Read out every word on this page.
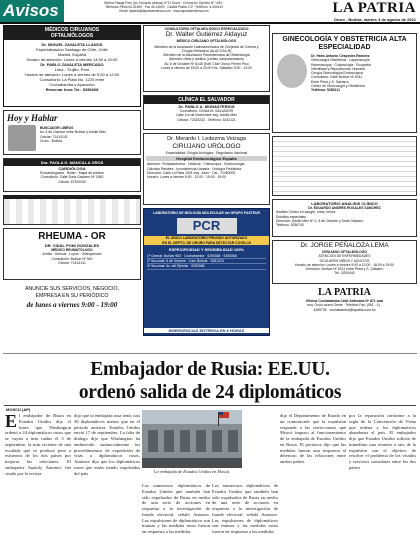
Avisos	Oficina Pasaje Perú (Av. Eduardo Abaroa) N°11 Sucre · Central Av. Ejército Nº 1491 ·
Teléfonos Piloto 64-51600 · Fax 46-14500 · Casilla Postal 172 · Teléfono: 4-444444
Email: lapatria@lapatriaenlinea.com · www.lapatriaenlinea.com	LA PATRIA
Oruro - Bolivia, martes 3 de agosto de 2021
MÉDICOS CIRUJANOS
OFTALMÓLOGOS
Dr. MIGUEL ZAVALETA LLANOS
Especialización Santiago de Chile, Chile
Madrid, España
Horario de atención: Lunes a viernes 14:30 a 20:00
Dr. PABLO ZAVALETA MERCADO
Lima - Trujillo, Perú
Horario de atención: Lunes a viernes de 9:00 a 12:00
Consultorio: La Plata No. 1220 entre
Cochabamba y Ayacucho
Reservar hora Tel.: 5250668
Hoy y Hablar
BUSCADOR LIBROS
Av. 6 de Octubre entre Bolívar y Adolfo Mier
Celular: 71414141
Oruro - Bolivia
Dra. PAOLA G. MANCILLA OROS
CARDIÓLOGA
Ecocardiografía · Holter · Mapa de presión
Consultorio: Calle Soria Galvarro Nº 1550
Celular: 67200000
RHEUMA - OR
DR. VIDAL PONI GONZALES
MÉDICO REUMATÓLOGO
Artritis · Artrosis · Lupus · Osteoporosis
Consultorio: Bolívar Nº 940
Celular: 71414141
ANUNCIE SUS SERVICIOS, NEGOCIO,
EMPRESA EN SU PERIÓDICO
de lunes a viernes 9:00 - 19:00
CONSULTORIO OFTALMOLÓGICO ESPECIALIZADO
Dr. Walter Gutiérrez Aldayuz
MÉDICO CIRUJANO OFTALMÓLOGO
Miembro de la Asociación Latinoamericana de Cirujanos de Córnea y
Cirugía Refractiva (ALACCSA-R)
Miembro de la Asociación Panamericana de Oftalmología
Atención niños y adultos (Lentes computarizados)
Av. 6 de Octubre Nº 6148 (Edif. Club Oruro) Primer Piso
Lunes a viernes de 15:00 a 20:00 Hrs. Sábados 9:00 - 12:00
CLÍNICA EL SALVADOR
Dr. PABLO A. MONASTERIOS
Consultorio: Clínica EL SALVADOR
Calle 1ro de Noviembre esq. Adolfo Mier
Celular: 72323232 - Teléfono: 5242121
Dr. Merardo I. Ledezma Veizaga
CIRUJANO URÓLOGO
Especialidad: Cirugía Urológica · Regulación Nacional
Hospital Endourológico España
Atención: Prostatectomía · Litotricia · Cistoscopía · Endourología
Cálculos Renales · Incontinencia Urinaria · Urología Pediátrica
Dirección: Calle La Plata 1001 esq. Junín · Cel.: 72450000
Horario: Lunes a viernes 9:00 - 12:00 · 15:00 - 19:00
LABORATORIO DE BIOLOGÍA MOLECULAR del GRUPO PASTEUR
PCR
EL ÚNICO LABORATORIO PRIVADO AUTORIZADO
EN EL DEPTO. DE ORURO PARA DETECTAR COVID-19
ESPECIFICIDAD Y SENSIBILIDAD 100%
1ª Central: Bolívar 963 · Cochabamba · 5250348 · 5250066
2ª Sucursal: 6 de Octubre · Caro Bolívar · 5281323
3ª Sucursal: Av. del Ejército · 5250066
EMERGENCIAS ENTREGA EN 6 HORAS
GINECOLOGÍA Y OBSTETRICIA ALTA ESPECIALIDAD
Dr. Hans Antonio Céspedes Ramírez
Ginecología Obstetricia · Laparoscopia
Histeroscopia · Colposcopia · Ecografía
Infertilidad y Reproducción Humana
Cirugía Ginecológica Endoscópica
Consultorio: Calle Bolívar Nº 6311
Entre Petot y S. Galvarro
Centro de Ginecología y Obstetricia
Teléfono: 5280211
LABORATORIO ANALISIS CLÍNICO
Dr. EDUARDO ANDRÉS ROSALES SÁNCHEZ
Análisis Clínico en sangre, orina, heces
Estudios especiales
Dirección: Adolfo Mier Nº 2, 6 de Octubre y Soria Galvarro
Teléfono: 5256740
Dr. JORGE PEÑALOZA LEMA
CIRUJANO OFTALMÓLOGO
ATENCIÓN DE ENFERMEDADES
OCULARES NIÑOS Y ADULTOS
Horario de atención: Lunes a viernes 9:00 a 12:00 · 16:00 a 19:00
Dirección: Bolívar Nº 6311 entre Petot y S. Galvarro
Tel.: 5250440
LA PATRIA
Oficina Cochabamba Calle Antezana Nº 871 casi
esq. Oruro acera Oeste · Teléfono Fax: (591 - 4) -
4455735 · cochabamba@lapatria.com.bo
Embajador de Rusia: EE.UU.
ordenó salida de 24 diplomáticos
MOSCÚ (AP)
E l embajador de Rusia en Estados Unidos dijo el lunes que Washington ordenó a 24 diplomáticos rusos que se vayan a más tardar el 3 de septiembre, la más reciente de una escalada que se produce pese a esfuerzos de los dos países por mejorar las relaciones. El embajador Anatoly Antonov fue citado por la revista
dijo que la embajada rusa tenía casi 30 diplomáticos menos que en el periodo anterior. Estados Unidos envió 17 de septiembre. La falta de diálogo dijo que Washington ha endurecido sustancialmente los procedimientos de expedición de visas a diplomáticos rusos. Antonov dijo que los diplomáticos rusos que están siendo expulsados del país	La embajada de Estados Unidos en Moscú.
Los numerosos diplomáticos de Estados Unidos que también han sido expulsados de Rusia en medio de una serie de acciones en respuesta a la investigación de fraude electoral, señaló Antonov. Las expulsiones de diplomáticos son mutuas y las medidas rusas fueron en respuesta a las medidas
Los numerosos diplomáticos de Estados Unidos que también han sido expulsados de Rusia en medio de una serie de acciones en respuesta a la investigación de fraude electoral, señaló Antonov. Las expulsiones de diplomáticos son mutuas y las medidas rusas fueron en respuesta a las medidas
dijo el Departamento de Estado en un comunicado que la expulsión responde a las restricciones que Moscú impuso al funcionamiento de la embajada de Estados Unidos en Rusia. El portavoz dijo que las medidas fueron una respuesta al deterioro de las relaciones entre ambos países
por la reparación conforme a la regla de la Convención de Viena que ordena a los diplomáticos abandonar el país. El embajador dijo que Estados Unidos solicitó de inmediato una reunión a raíz de la expulsión con el objetivo de resolver el problema de los visados y servicios consulares entre los dos países
